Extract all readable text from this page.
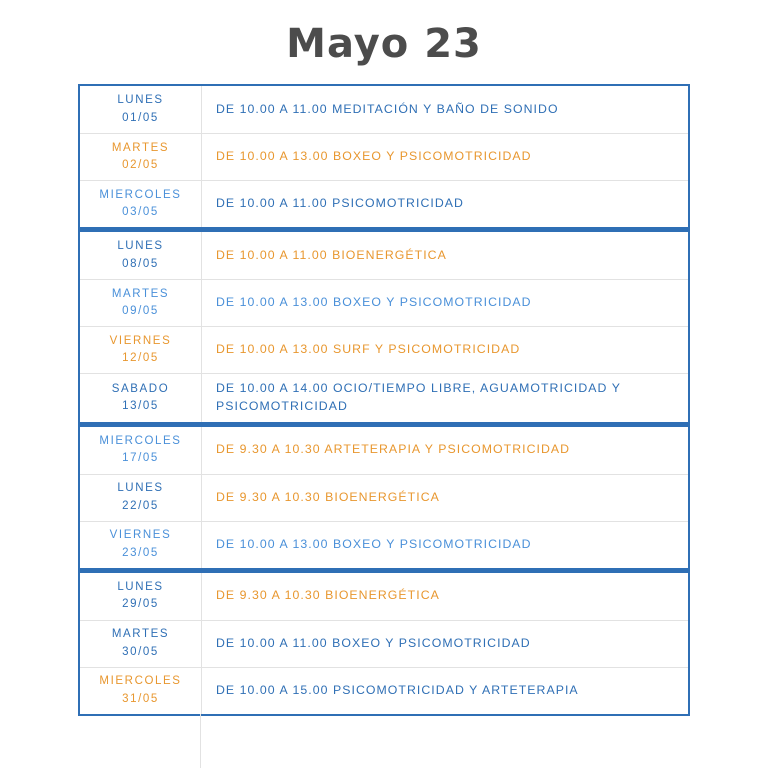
Mayo 23
LUNES
01/05
DE 10.00 A 11.00 MEDITACIÓN Y BAÑO DE SONIDO
MARTES
02/05
DE 10.00 A 13.00 BOXEO Y PSICOMOTRICIDAD
MIERCOLES
03/05
DE 10.00 A 11.00 PSICOMOTRICIDAD
LUNES
08/05
DE 10.00 A 11.00 BIOENERGÉTICA
MARTES
09/05
DE 10.00 A 13.00 BOXEO Y PSICOMOTRICIDAD
VIERNES
12/05
DE 10.00 A 13.00 SURF Y PSICOMOTRICIDAD
SABADO
13/05
DE 10.00 A 14.00 OCIO/TIEMPO LIBRE, AGUAMOTRICIDAD Y PSICOMOTRICIDAD
MIERCOLES
17/05
DE 9.30 A 10.30 ARTETERAPIA Y PSICOMOTRICIDAD
LUNES
22/05
DE 9.30 A 10.30 BIOENERGÉTICA
VIERNES
23/05
DE 10.00 A 13.00 BOXEO Y PSICOMOTRICIDAD
LUNES
29/05
DE 9.30 A 10.30 BIOENERGÉTICA
MARTES
30/05
DE 10.00 A 11.00 BOXEO Y PSICOMOTRICIDAD
MIERCOLES
31/05
DE 10.00 A 15.00 PSICOMOTRICIDAD Y ARTETERAPIA
